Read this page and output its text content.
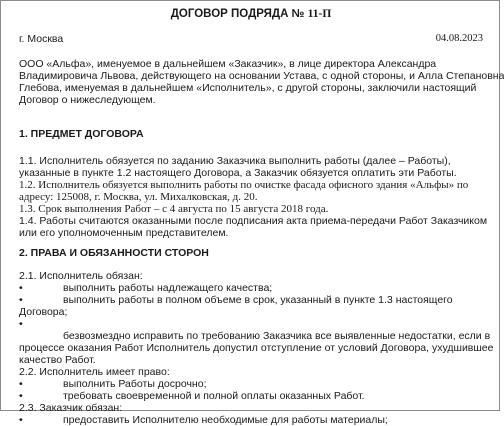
ДОГОВОР ПОДРЯДА № 11-П
г. Москва	04.08.2023
ООО «Альфа», именуемое в дальнейшем «Заказчик», в лице директора Александра
Владимировича Львова, действующего на основании Устава, с одной стороны, и Алла Степановна
Глебова, именуемая в дальнейшем «Исполнитель», с другой стороны, заключили настоящий
Договор о нижеследующем.
1. ПРЕДМЕТ ДОГОВОРА
1.1. Исполнитель обязуется по заданию Заказчика выполнить работы (далее – Работы),
указанные в пункте 1.2 настоящего Договора, а Заказчик обязуется оплатить эти Работы.
1.2. Исполнитель обязуется выполнить работы по очистке фасада офисного здания «Альфы» по
адресу: 125008, г. Москва, ул. Михалковская, д. 20.
1.3. Срок выполнения Работ – с 4 августа по 15 августа 2018 года.
1.4. Работы считаются оказанными после подписания акта приема-передачи Работ Заказчиком
или его уполномоченным представителем.
2. ПРАВА И ОБЯЗАННОСТИ СТОРОН
2.1. Исполнитель обязан:
•	выполнить работы надлежащего качества;
•	выполнить работы в полном объеме в срок, указанный в пункте 1.3 настоящего
Договора;
•
безвозмездно исправить по требованию Заказчика все выявленные недостатки, если в
процессе оказания Работ Исполнитель допустил отступление от условий Договора, ухудшившее
качество Работ.
2.2. Исполнитель имеет право:
•	выполнить Работы досрочно;
•	требовать своевременной и полной оплаты оказанных Работ.
2.3. Заказчик обязан:
•	предоставить Исполнителю необходимые для работы материалы;
